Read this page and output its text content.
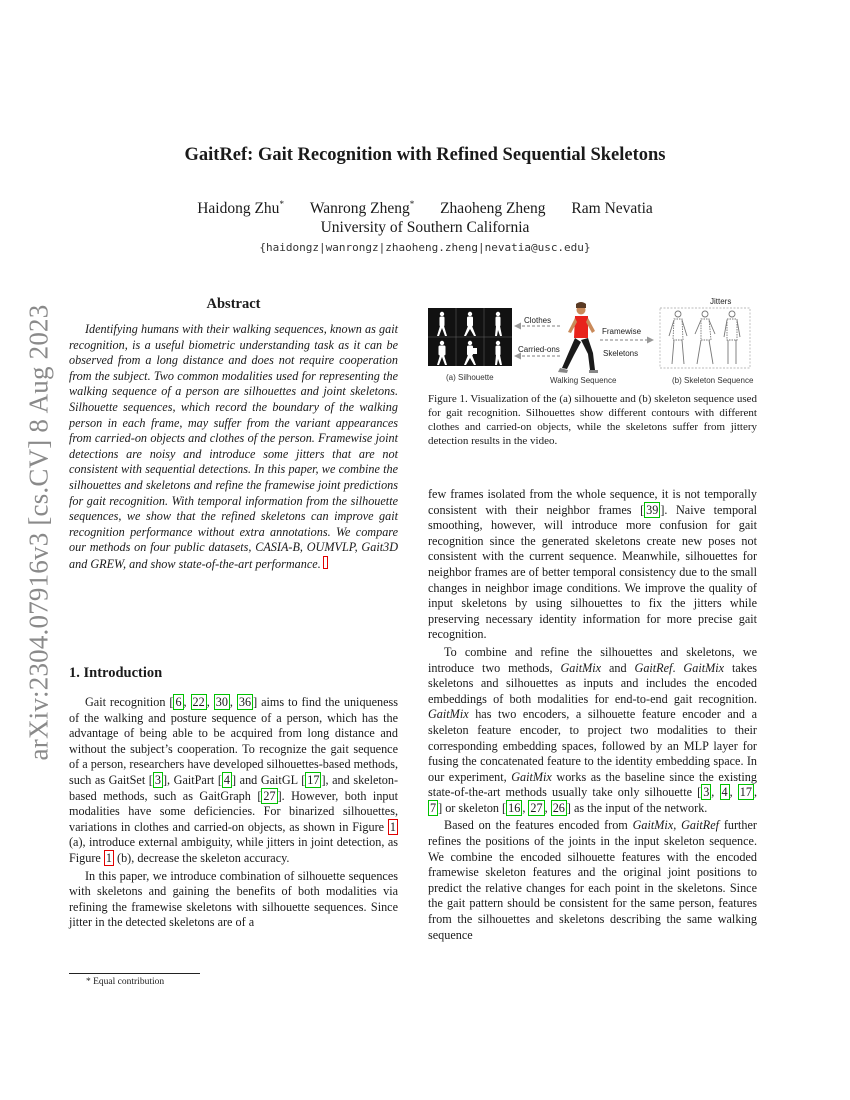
arXiv:2304.07916v3 [cs.CV] 8 Aug 2023
GaitRef: Gait Recognition with Refined Sequential Skeletons
Haidong Zhu* Wanrong Zheng* Zhaoheng Zheng Ram Nevatia
University of Southern California
{haidongz|wanrongz|zhaoheng.zheng|nevatia@usc.edu}
Abstract

Identifying humans with their walking sequences, known as gait recognition, is a useful biometric understanding task as it can be observed from a long distance and does not require cooperation from the subject. Two common modalities used for representing the walking sequence of a person are silhouettes and joint skeletons. Silhouette sequences, which record the boundary of the walking person in each frame, may suffer from the variant appearances from carried-on objects and clothes of the person. Framewise joint detections are noisy and introduce some jitters that are not consistent with sequential detections. In this paper, we combine the silhouettes and skeletons and refine the framewise joint predictions for gait recognition. With temporal information from the silhouette sequences, we show that the refined skeletons can improve gait recognition performance without extra annotations. We compare our methods on four public datasets, CASIA-B, OUMVLP, Gait3D and GREW, and show state-of-the-art performance.

1. Introduction

Gait recognition [ 6 , 22 , 30 , 36 ] aims to find the uniqueness of the walking and posture sequence of a person, which has the advantage of being able to be acquired from long distance and without the subject’s cooperation. To recognize the gait sequence of a person, researchers have developed silhouettes-based methods, such as GaitSet [ 3 ], GaitPart [ 4 ] and GaitGL [ 17 ], and skeleton-based methods, such as GaitGraph [ 27 ]. However, both input modalities have some deficiencies. For binarized silhouettes, variations in clothes and carried-on objects, as shown in Figure 1 (a), introduce external ambiguity, while jitters in joint detection, as Figure 1 (b), decrease the skeleton accuracy.

In this paper, we introduce combination of silhouette sequences with skeletons and gaining the benefits of both modalities via refining the framewise skeletons with silhouette sequences. Since jitter in the detected skeletons are of a

* Equal contribution
Clothes
Carried-ons
Framewise
Skeletons
Jitters
(a) Silhouette	Walking Sequence	(b) Skeleton Sequence

Figure 1. Visualization of the (a) silhouette and (b) skeleton sequence used for gait recognition. Silhouettes show different contours with different clothes and carried-on objects, while the skeletons suffer from jittery detection results in the video.

few frames isolated from the whole sequence, it is not temporally consistent with their neighbor frames [ 39 ]. Naive temporal smoothing, however, will introduce more confusion for gait recognition since the generated skeletons create new poses not consistent with the current sequence. Meanwhile, silhouettes for neighbor frames are of better temporal consistency due to the small changes in neighbor image conditions. We improve the quality of input skeletons by using silhouettes to fix the jitters while preserving necessary identity information for more precise gait recognition.

To combine and refine the silhouettes and skeletons, we introduce two methods, GaitMix and GaitRef. GaitMix takes skeletons and silhouettes as inputs and includes the encoded embeddings of both modalities for end-to-end gait recognition. GaitMix has two encoders, a silhouette feature encoder and a skeleton feature encoder, to project two modalities to their corresponding embedding spaces, followed by an MLP layer for fusing the concatenated feature to the identity embedding space. In our experiment, GaitMix works as the baseline since the existing state-of-the-art methods usually take only silhouette [ 3 , 4 , 17 , 7 ] or skeleton [ 16 , 27 , 26 ] as the input of the network.

Based on the features encoded from GaitMix, GaitRef further refines the positions of the joints in the input skeleton sequence. We combine the encoded silhouette features with the encoded framewise skeleton features and the original joint positions to predict the relative changes for each point in the skeletons. Since the gait pattern should be consistent for the same person, features from the silhouettes and skeletons describing the same walking sequence
